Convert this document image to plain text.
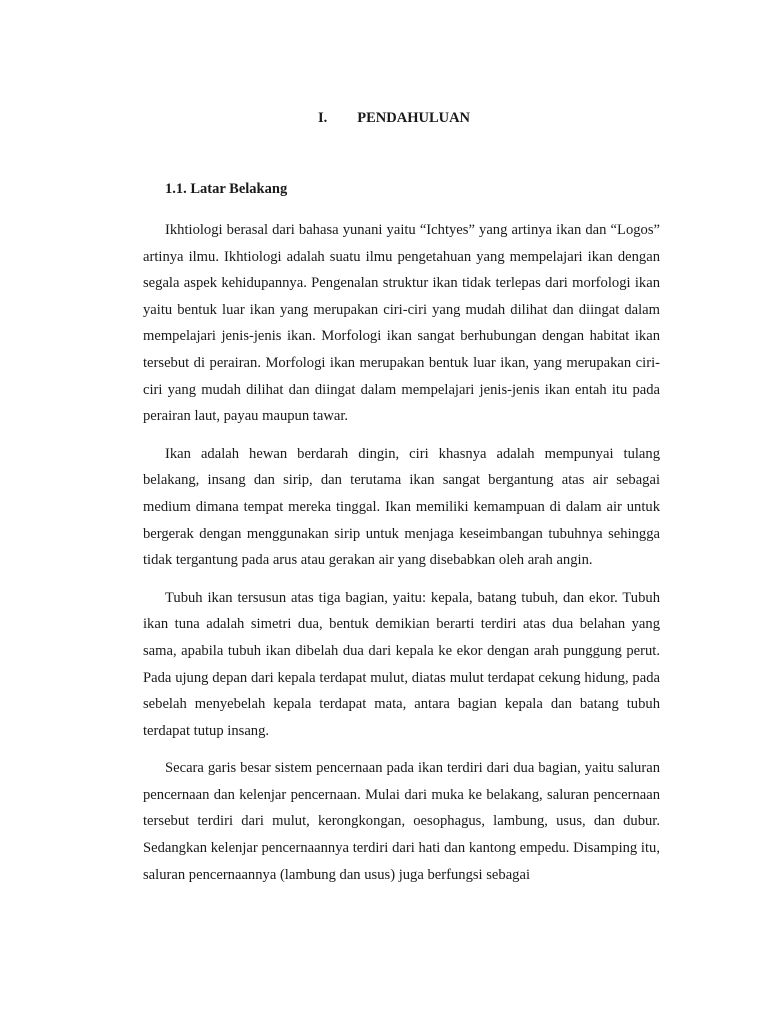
I. PENDAHULUAN
1.1. Latar Belakang

Ikhtiologi berasal dari bahasa yunani yaitu “Ichtyes” yang artinya ikan dan “Logos” artinya ilmu. Ikhtiologi adalah suatu ilmu pengetahuan yang mempelajari ikan dengan segala aspek kehidupannya. Pengenalan struktur ikan tidak terlepas dari morfologi ikan yaitu bentuk luar ikan yang merupakan ciri-ciri yang mudah dilihat dan diingat dalam mempelajari jenis-jenis ikan. Morfologi ikan sangat berhubungan dengan habitat ikan tersebut di perairan. Morfologi ikan merupakan bentuk luar ikan, yang merupakan ciri-ciri yang mudah dilihat dan diingat dalam mempelajari jenis-jenis ikan entah itu pada perairan laut, payau maupun tawar.

Ikan adalah hewan berdarah dingin, ciri khasnya adalah mempunyai tulang belakang, insang dan sirip, dan terutama ikan sangat bergantung atas air sebagai medium dimana tempat mereka tinggal. Ikan memiliki kemampuan di dalam air untuk bergerak dengan menggunakan sirip untuk menjaga keseimbangan tubuhnya sehingga tidak tergantung pada arus atau gerakan air yang disebabkan oleh arah angin.

Tubuh ikan tersusun atas tiga bagian, yaitu: kepala, batang tubuh, dan ekor. Tubuh ikan tuna adalah simetri dua, bentuk demikian berarti terdiri atas dua belahan yang sama, apabila tubuh ikan dibelah dua dari kepala ke ekor dengan arah punggung perut. Pada ujung depan dari kepala terdapat mulut, diatas mulut terdapat cekung hidung, pada sebelah menyebelah kepala terdapat mata, antara bagian kepala dan batang tubuh terdapat tutup insang.

Secara garis besar sistem pencernaan pada ikan terdiri dari dua bagian, yaitu saluran pencernaan dan kelenjar pencernaan. Mulai dari muka ke belakang, saluran pencernaan tersebut terdiri dari mulut, kerongkongan, oesophagus, lambung, usus, dan dubur. Sedangkan kelenjar pencernaannya terdiri dari hati dan kantong empedu. Disamping itu, saluran pencernaannya (lambung dan usus) juga berfungsi sebagai
